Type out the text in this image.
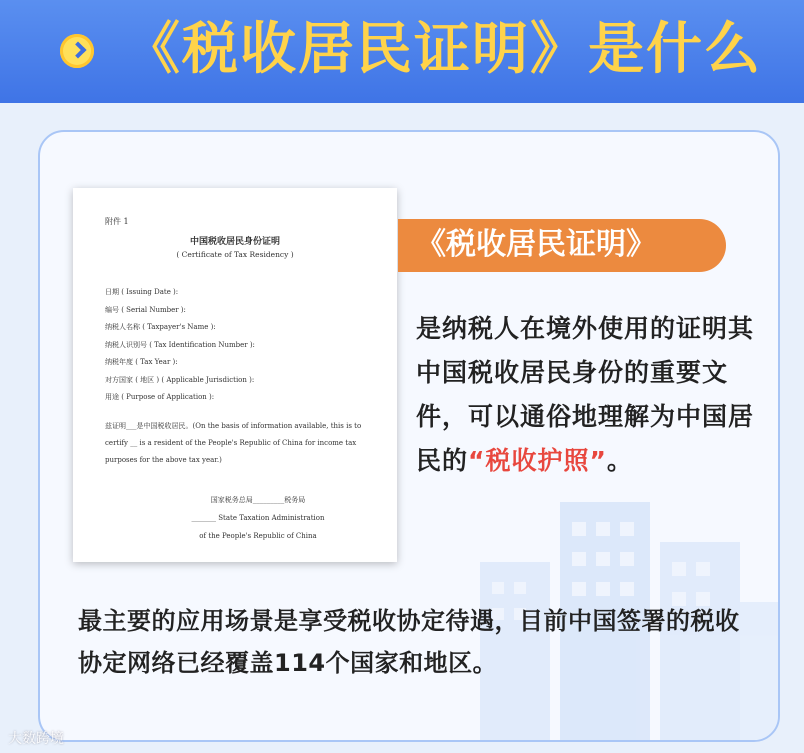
《税收居民证明》是什么
附件 1
中国税收居民身份证明
( Certificate of Tax Residency )
日期 ( Issuing Date ):
编号 ( Serial Number ):
纳税人名称 ( Taxpayer's Name ):
纳税人识别号 ( Tax Identification Number ):
纳税年度 ( Tax Year ):
对方国家 ( 地区 ) ( Applicable Jurisdiction ):
用途 ( Purpose of Application ):
兹证明___是中国税收居民。(On the basis of information available, this is to certify __ is a resident of the People's Republic of China for income tax purposes for the above tax year.)
国家税务总局_________税务局
_______ State Taxation Administration
of the People's Republic of China
《税收居民证明》
是纳税人在境外使用的证明其中国税收居民身份的重要文件，可以通俗地理解为中国居民的“税收护照”。
最主要的应用场景是享受税收协定待遇，目前中国签署的税收协定网络已经覆盖114个国家和地区。
大数跨境
